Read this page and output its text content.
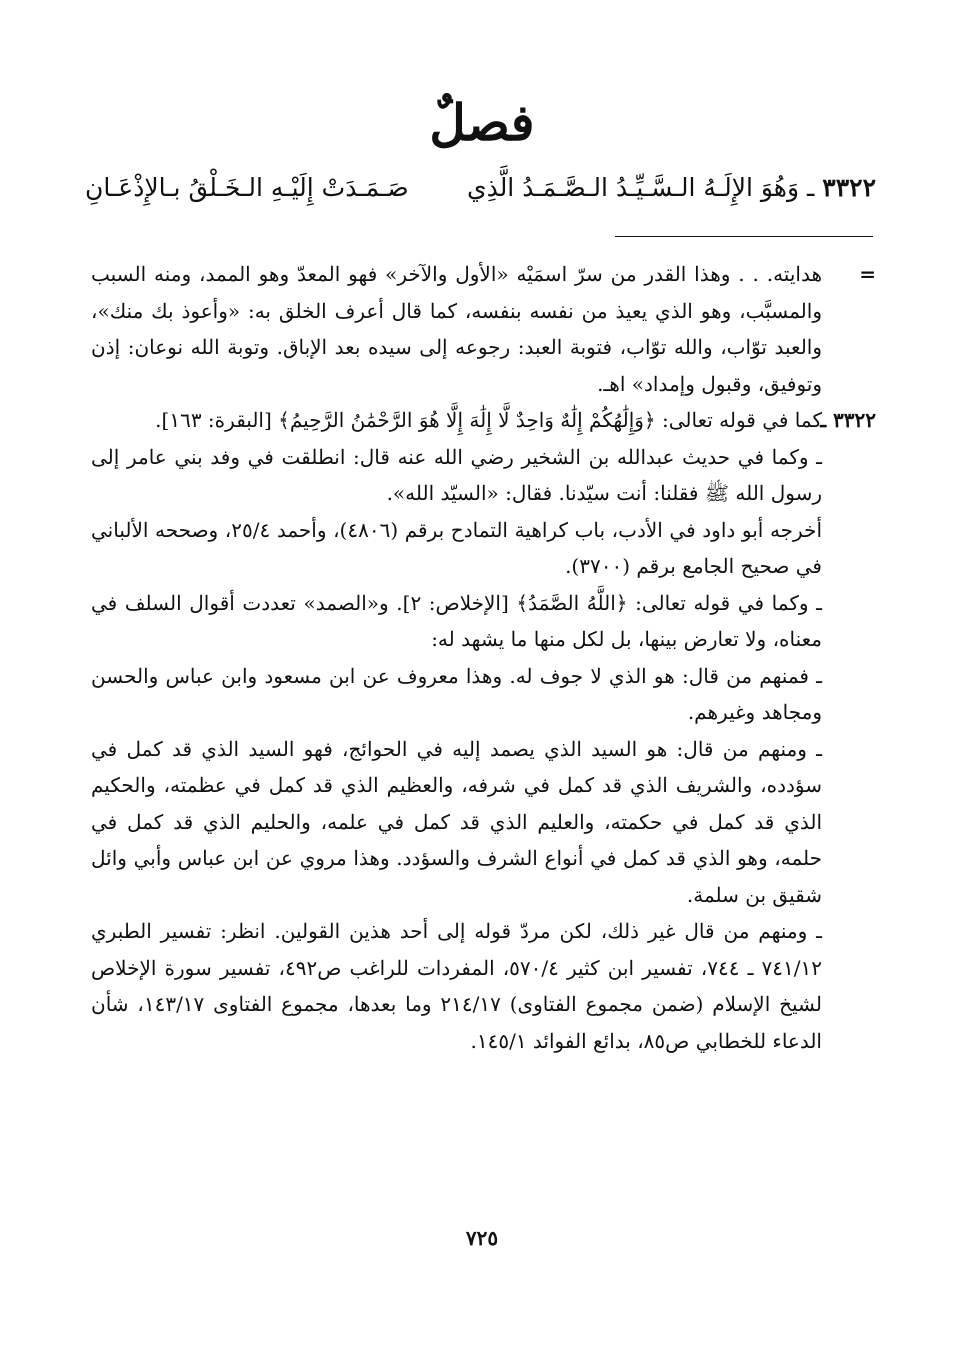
فصلٌ
٣٣٢٢ ـ وَهُوَ الإِلَـهُ الـسَّـيِّـدُ الـصَّـمَـدُ الَّذِي
صَـمَـدَتْ إِلَيْـهِ الـخَـلْقُ بـالإِذْعَـانِ
=

هدايته. . . وهذا القدر من سرّ اسمَيْه «الأول والآخر» فهو المعدّ وهو الممد، ومنه السبب والمسبَّب، وهو الذي يعيذ من نفسه بنفسه، كما قال أعرف الخلق به: «وأعوذ بك منك»، والعبد توّاب، والله توّاب، فتوبة العبد: رجوعه إلى سيده بعد الإباق. وتوبة الله نوعان: إذن وتوفيق، وقبول وإمداد» اهـ.

٣٣٢٢ ـ

كما في قوله تعالى: ﴿وَإِلَٰهُكُمْ إِلَٰهٌ وَاحِدٌ لَّا إِلَٰهَ إِلَّا هُوَ الرَّحْمَٰنُ الرَّحِيمُ﴾ [البقرة: ١٦٣].

ـ وكما في حديث عبدالله بن الشخير رضي الله عنه قال: انطلقت في وفد بني عامر إلى رسول الله ﷺ فقلنا: أنت سيّدنا. فقال: «السيّد الله».

أخرجه أبو داود في الأدب، باب كراهية التمادح برقم (٤٨٠٦)، وأحمد ٢٥/٤، وصححه الألباني في صحيح الجامع برقم (٣٧٠٠).

ـ وكما في قوله تعالى: ﴿اللَّهُ الصَّمَدُ﴾ [الإخلاص: ٢]. و«الصمد» تعددت أقوال السلف في معناه، ولا تعارض بينها، بل لكل منها ما يشهد له:

ـ فمنهم من قال: هو الذي لا جوف له. وهذا معروف عن ابن مسعود وابن عباس والحسن ومجاهد وغيرهم.

ـ ومنهم من قال: هو السيد الذي يصمد إليه في الحوائج، فهو السيد الذي قد كمل في سؤدده، والشريف الذي قد كمل في شرفه، والعظيم الذي قد كمل في عظمته، والحكيم الذي قد كمل في حكمته، والعليم الذي قد كمل في علمه، والحليم الذي قد كمل في حلمه، وهو الذي قد كمل في أنواع الشرف والسؤدد. وهذا مروي عن ابن عباس وأبي وائل شقيق بن سلمة.

ـ ومنهم من قال غير ذلك، لكن مردّ قوله إلى أحد هذين القولين. انظر: تفسير الطبري ٧٤١/١٢ ـ ٧٤٤، تفسير ابن كثير ٥٧٠/٤، المفردات للراغب ص٤٩٢، تفسير سورة الإخلاص لشيخ الإسلام (ضمن مجموع الفتاوى) ٢١٤/١٧ وما بعدها، مجموع الفتاوى ١٤٣/١٧، شأن الدعاء للخطابي ص٨٥، بدائع الفوائد ١٤٥/١.

٧٢٥
